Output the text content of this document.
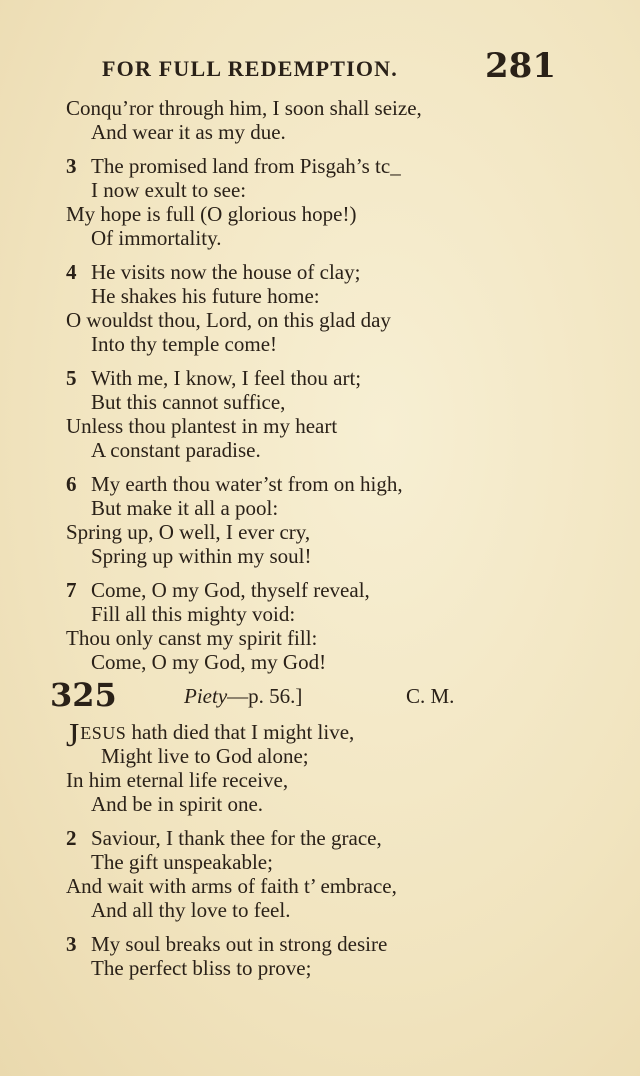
FOR FULL REDEMPTION.	281
Conqu’ror through him, I soon shall seize,
And wear it as my due.
3 The promised land from Pisgah’s tc_
I now exult to see:
My hope is full (O glorious hope!)
Of immortality.
4 He visits now the house of clay;
He shakes his future home:
O wouldst thou, Lord, on this glad day
Into thy temple come!
5 With me, I know, I feel thou art;
But this cannot suffice,
Unless thou plantest in my heart
A constant paradise.
6 My earth thou water’st from on high,
But make it all a pool:
Spring up, O well, I ever cry,
Spring up within my soul!
7 Come, O my God, thyself reveal,
Fill all this mighty void:
Thou only canst my spirit fill:
Come, O my God, my God!
325	Piety—p. 56.]	C. M.
JESUS hath died that I might live,
Might live to God alone;
In him eternal life receive,
And be in spirit one.
2 Saviour, I thank thee for the grace,
The gift unspeakable;
And wait with arms of faith t’ embrace,
And all thy love to feel.
3 My soul breaks out in strong desire
The perfect bliss to prove;
